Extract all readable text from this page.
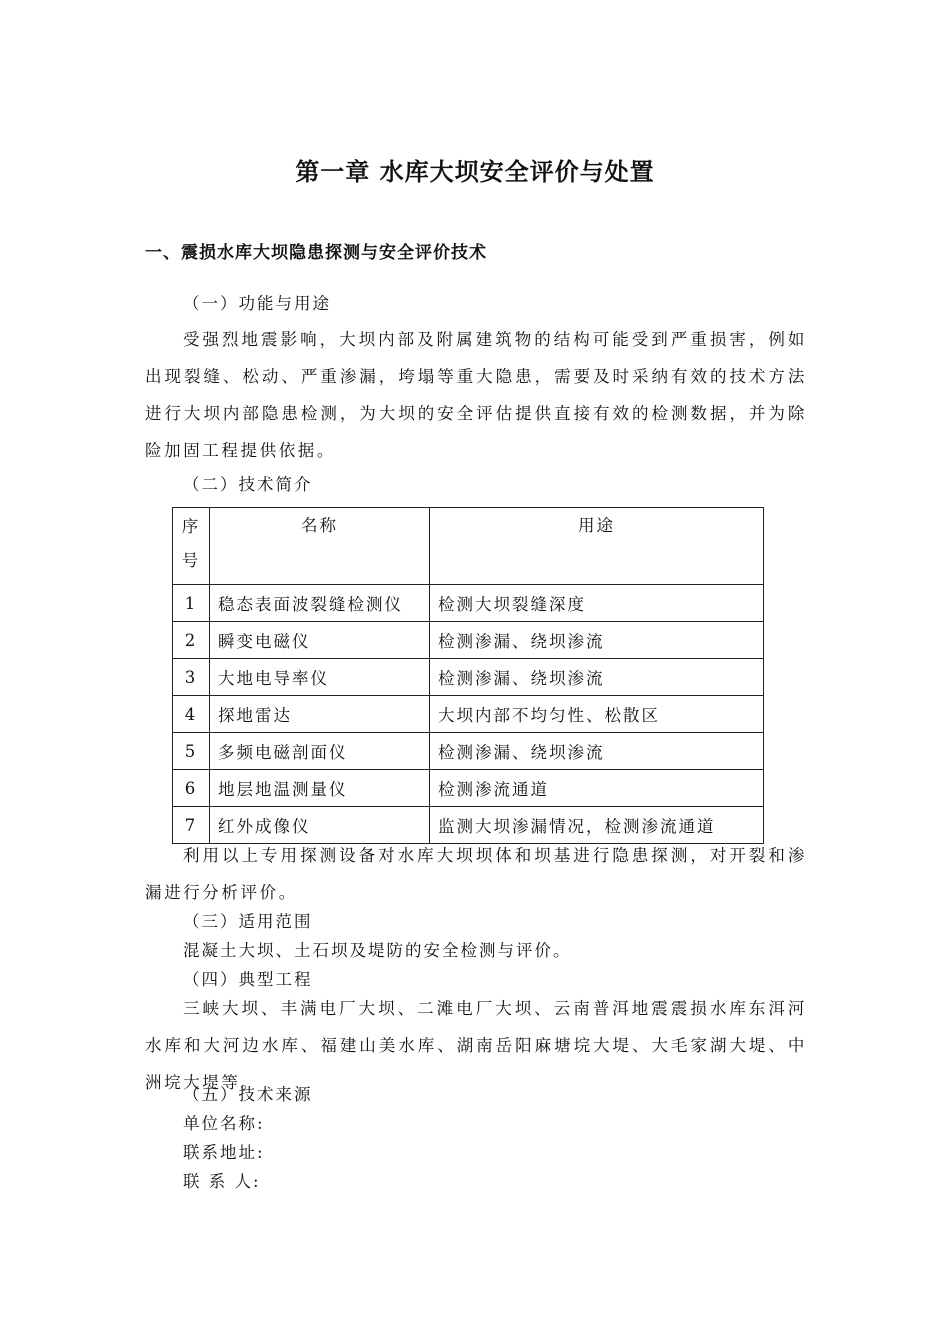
第一章 水库大坝安全评价与处置
一、震损水库大坝隐患探测与安全评价技术
（一）功能与用途

受强烈地震影响，大坝内部及附属建筑物的结构可能受到严重损害，例如出现裂缝、松动、严重渗漏，垮塌等重大隐患，需要及时采纳有效的技术方法进行大坝内部隐患检测，为大坝的安全评估提供直接有效的检测数据，并为除险加固工程提供依据。

（二）技术简介
序号	名称	用途
1	稳态表面波裂缝检测仪	检测大坝裂缝深度
2	瞬变电磁仪	检测渗漏、绕坝渗流
3	大地电导率仪	检测渗漏、绕坝渗流
4	探地雷达	大坝内部不均匀性、松散区
5	多频电磁剖面仪	检测渗漏、绕坝渗流
6	地层地温测量仪	检测渗流通道
7	红外成像仪	监测大坝渗漏情况，检测渗流通道

利用以上专用探测设备对水库大坝坝体和坝基进行隐患探测，对开裂和渗漏进行分析评价。

（三）适用范围
混凝土大坝、土石坝及堤防的安全检测与评价。
（四）典型工程

三峡大坝、丰满电厂大坝、二滩电厂大坝、云南普洱地震震损水库东洱河水库和大河边水库、福建山美水库、湖南岳阳麻塘垸大堤、大毛家湖大堤、中洲垸大堤等。

（五）技术来源
单位名称:
联系地址:
联 系 人:
